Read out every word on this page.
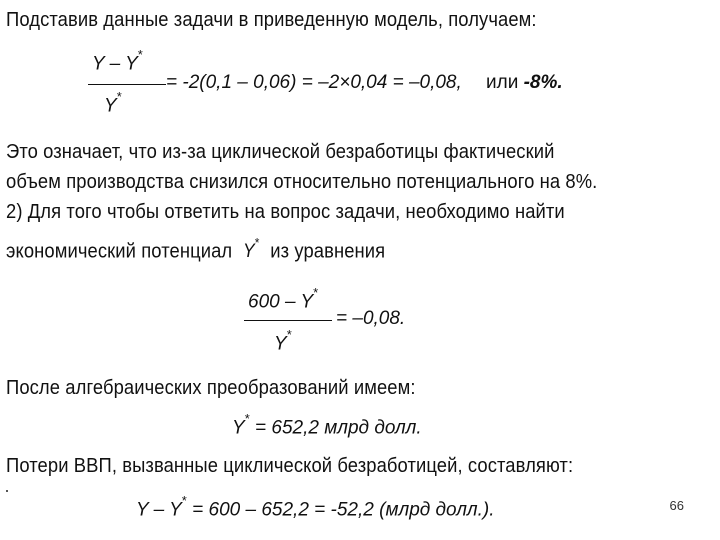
Подставив данные задачи в приведенную модель, получаем:
Y – Y*
Y*
= -2(0,1 – 0,06) = –2×0,04 = –0,08, или -8%.
Это означает, что из-за циклической безработицы фактический
объем производства снизился относительно потенциального на 8%.
2) Для того чтобы ответить на вопрос задачи, необходимо найти
экономический потенциал Y* из уравнения
600 – Y*
Y*
= –0,08.
После алгебраических преобразований имеем:
Y* = 652,2 млрд долл.
Потери ВВП, вызванные циклической безработицей, составляют:
Y – Y* = 600 – 652,2 = -52,2 (млрд долл.).	66
